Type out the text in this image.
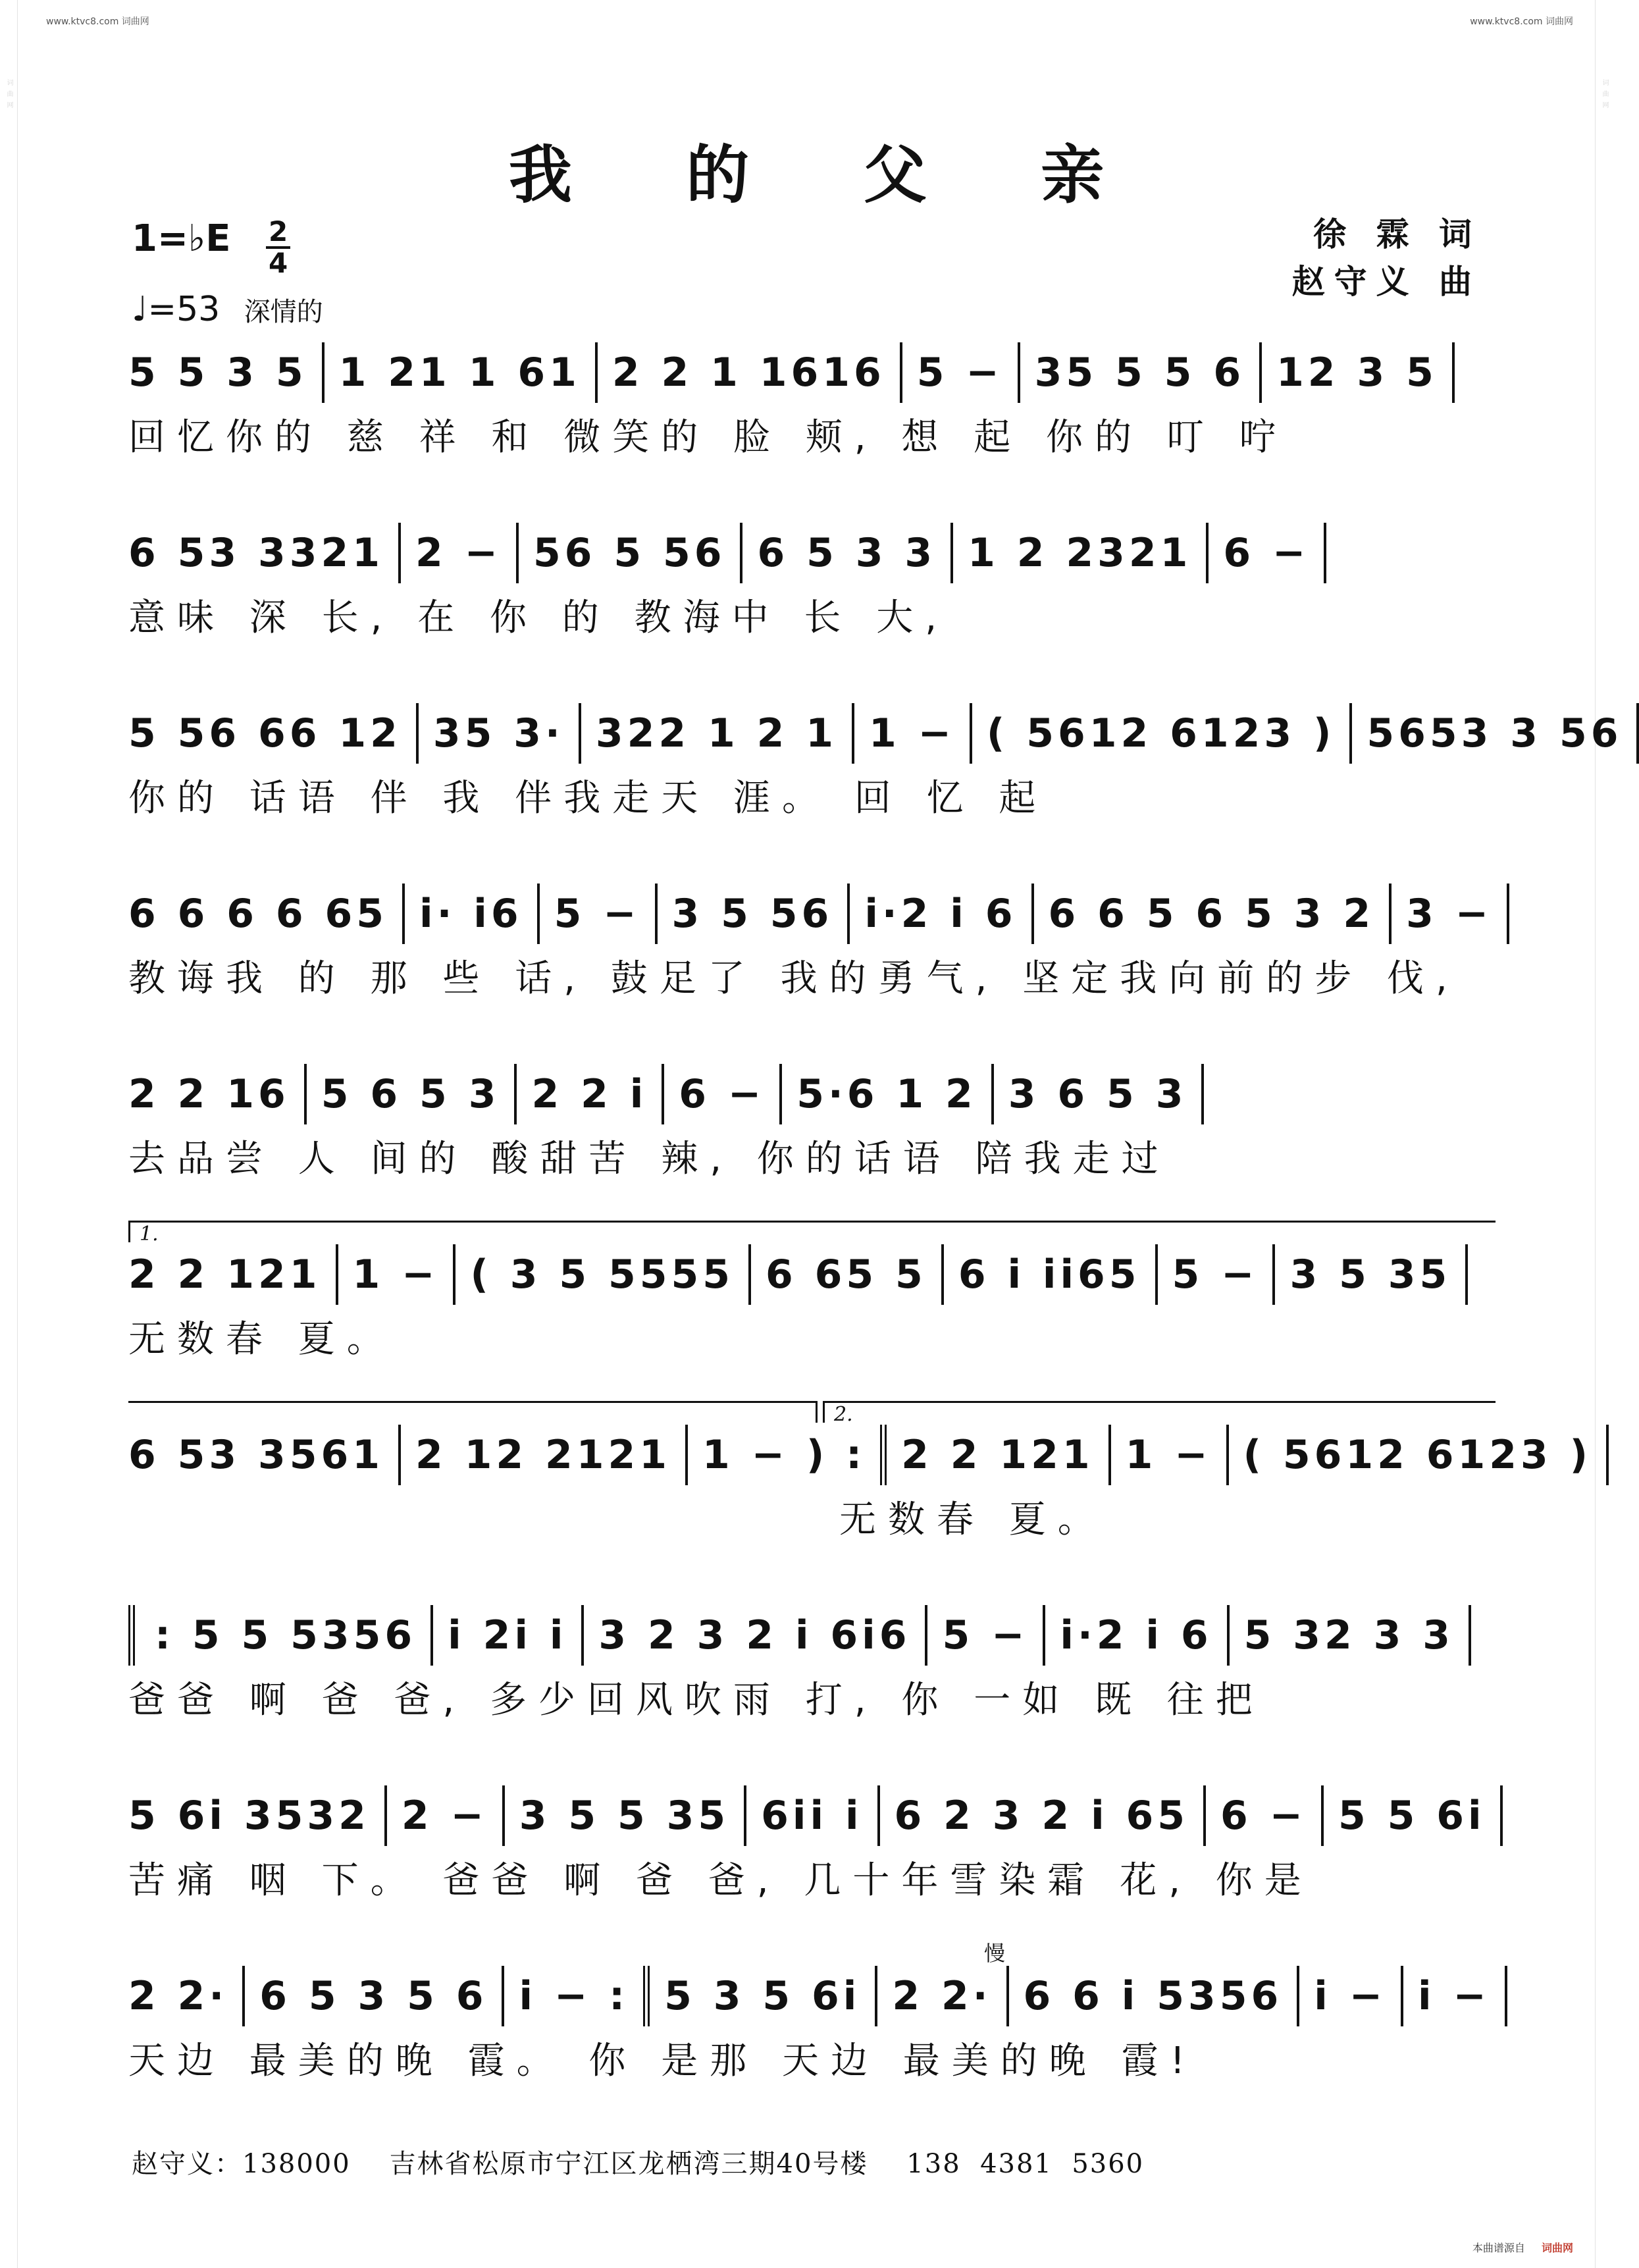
词 曲 网	词 曲 网
www.ktvc8.com 词曲网	www.ktvc8.com 词曲网
我 的 父 亲
1=♭E 2
4
♩=53 深情的
徐 霖 词
赵守义 曲
5 5 3 5 1 21 1 61 2 2 1 1616 5 − 35 5 5 6 12 3 5
回忆你的 慈 祥 和 微笑的 脸 颊, 想 起 你的 叮 咛
6 53 3321 2 − 56 5 56 6 5 3 3 1 2 2321 6 −
意味 深 长, 在 你 的 教海中 长 大,
5 56 66 12 35 3· 322 1 2 1 1 − ( 5612 6123 ) 5653 3 56
你的 话语 伴 我 伴我走天 涯。 回 忆 起
6 6 6 6 65 i· i6 5 − 3 5 56 i·2 i 6 6 6 5 6 5 3 2 3 −
教诲我 的 那 些 话, 鼓足了 我的勇气, 坚定我向前的步 伐,
2 2 16 5 6 5 3 2 2 i 6 − 5·6 1 2 3 6 5 3
去品尝 人 间的 酸甜苦 辣, 你的话语 陪我走过
1.
2 2 121 1 − ( 3 5 5555 6 65 5 6 i ii65 5 − 3 5 35
无数春 夏。
2.
6 53 3561 2 12 2121 1 − ) : 2 2 121 1 − ( 5612 6123 )
无数春 夏。
: 5 5 5356 i 2i i 3 2 3 2 i 6i6 5 − i·2 i 6 5 32 3 3
爸爸 啊 爸 爸, 多少回风吹雨 打, 你 一如 既 往把
5 6i 3532 2 − 3 5 5 35 6ii i 6 2 3 2 i 65 6 − 5 5 6i
苦痛 咽 下。 爸爸 啊 爸 爸, 几十年雪染霜 花, 你是
慢
2 2· 6 5 3 5 6 i − : 5 3 5 6i 2 2· 6 6 i 5356 i − i −
天边 最美的晚 霞。 你 是那 天边 最美的晚 霞!
赵守义：138000    吉林省松原市宁江区龙栖湾三期40号楼    138  4381  5360
本曲谱源自 词曲网
